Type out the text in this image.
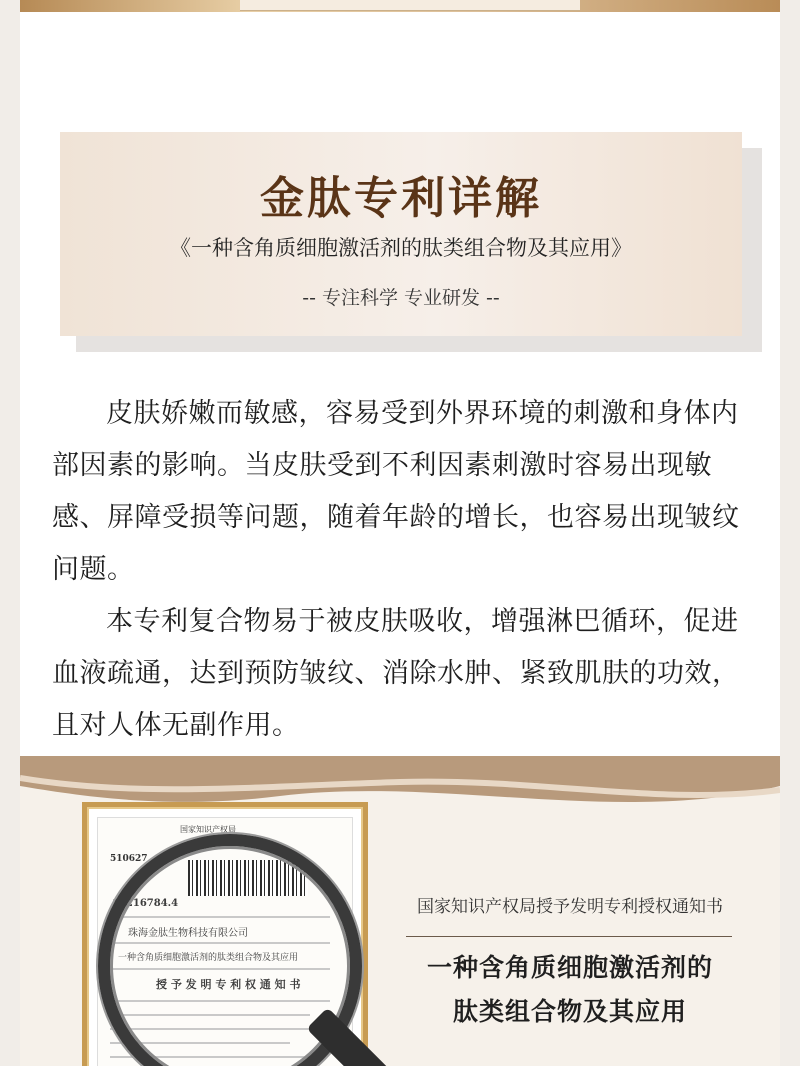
金肽专利详解
《一种含角质细胞激活剂的肽类组合物及其应用》
-- 专注科学 专业研发 --

皮肤娇嫩而敏感，容易受到外界环境的刺激和身体内部因素的影响。当皮肤受到不利因素刺激时容易出现敏感、屏障受损等问题，随着年龄的增长，也容易出现皱纹问题。

本专利复合物易于被皮肤吸收，增强淋巴循环，促进血液疏通，达到预防皱纹、消除水肿、紧致肌肤的功效，且对人体无副作用。

国家知识产权局
510627
10216784.4
珠海金肽生物科技有限公司
一种含角质细胞激活剂的肽类组合物及其应用
授 予 发 明 专 利 权 通 知 书
国家知识产权局授予发明专利授权通知书
一种含角质细胞激活剂的
肽类组合物及其应用
